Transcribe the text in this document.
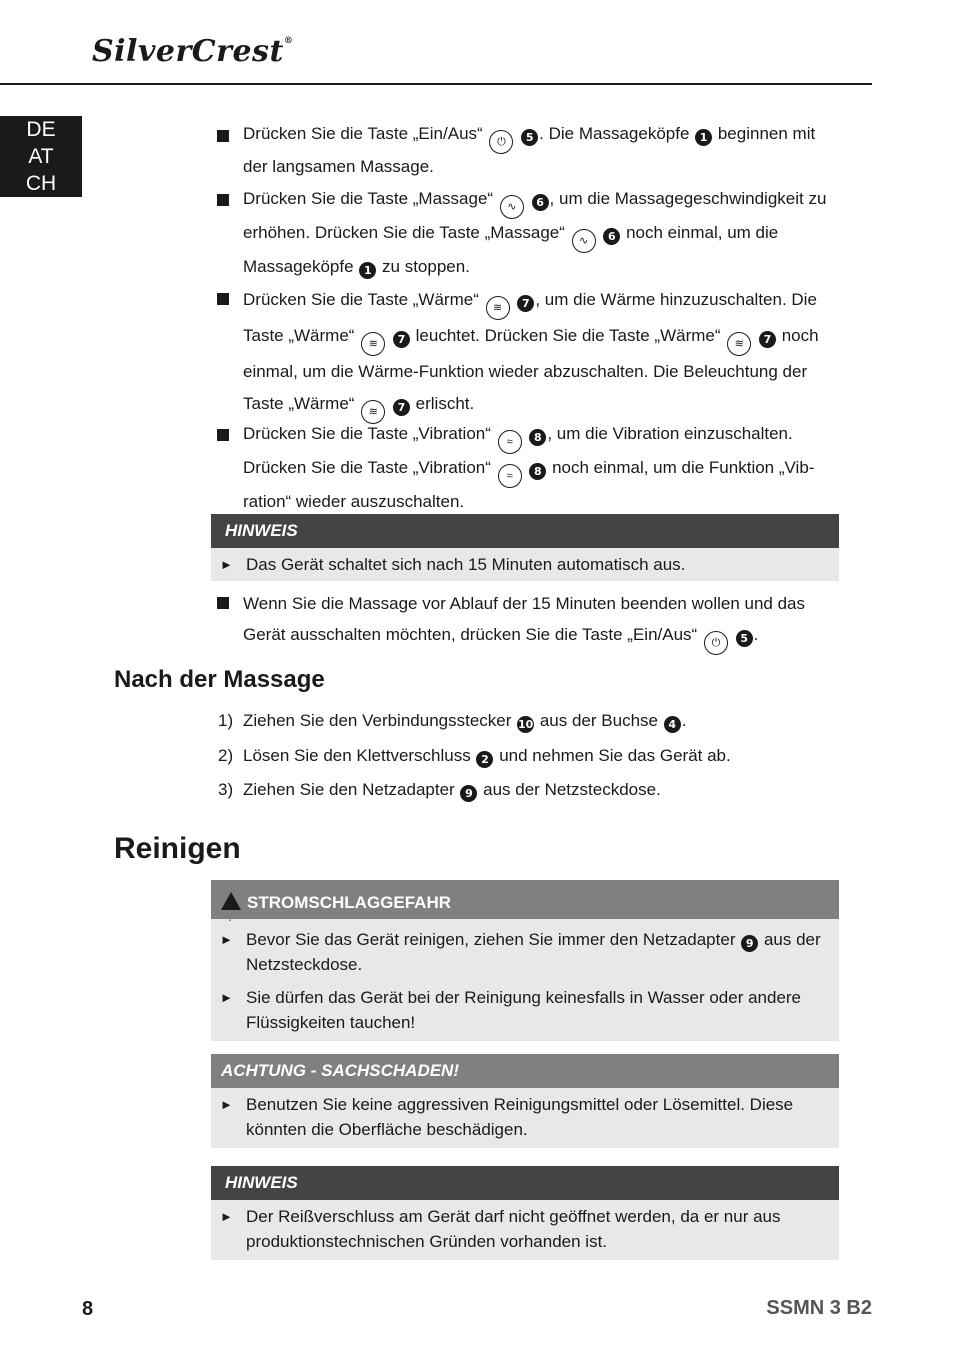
SilverCrest®
DE
AT
CH
Drücken Sie die Taste „Ein/Aus“ ⏻ 5 . Die Massageköpfe 1 beginnen mit der langsamen Massage.
Drücken Sie die Taste „Massage“ ∿ 6 , um die Massagegeschwindigkeit zu erhöhen. Drücken Sie die Taste „Massage“ ∿ 6 noch einmal, um die Massageköpfe 1 zu stoppen.
Drücken Sie die Taste „Wärme“ ≋ 7 , um die Wärme hinzuzuschalten. Die Taste „Wärme“ ≋ 7 leuchtet. Drücken Sie die Taste „Wärme“ ≋ 7 noch einmal, um die Wärme-Funktion wieder abzuschalten. Die Beleuchtung der Taste „Wärme“ ≋ 7 erlischt.
Drücken Sie die Taste „Vibration“ ≈ 8 , um die Vibration einzuschalten. Drücken Sie die Taste „Vibration“ ≈ 8 noch einmal, um die Funktion „Vib-ration“ wieder auszuschalten.
HINWEIS
► Das Gerät schaltet sich nach 15 Minuten automatisch aus.
Wenn Sie die Massage vor Ablauf der 15 Minuten beenden wollen und das Gerät ausschalten möchten, drücken Sie die Taste „Ein/Aus“ ⏻ 5 .
Nach der Massage
1) Ziehen Sie den Verbindungsstecker 10 aus der Buchse 4 .
2) Lösen Sie den Klettverschluss 2 und nehmen Sie das Gerät ab.
3) Ziehen Sie den Netzadapter 9 aus der Netzsteckdose.
Reinigen
!STROMSCHLAGGEFAHR
► Bevor Sie das Gerät reinigen, ziehen Sie immer den Netzadapter 9 aus der Netzsteckdose.
► Sie dürfen das Gerät bei der Reinigung keinesfalls in Wasser oder andere Flüssigkeiten tauchen!
ACHTUNG - SACHSCHADEN!
► Benutzen Sie keine aggressiven Reinigungsmittel oder Lösemittel. Diese könnten die Oberfläche beschädigen.
HINWEIS
► Der Reißverschluss am Gerät darf nicht geöffnet werden, da er nur aus produktionstechnischen Gründen vorhanden ist.
8	SSMN 3 B2
